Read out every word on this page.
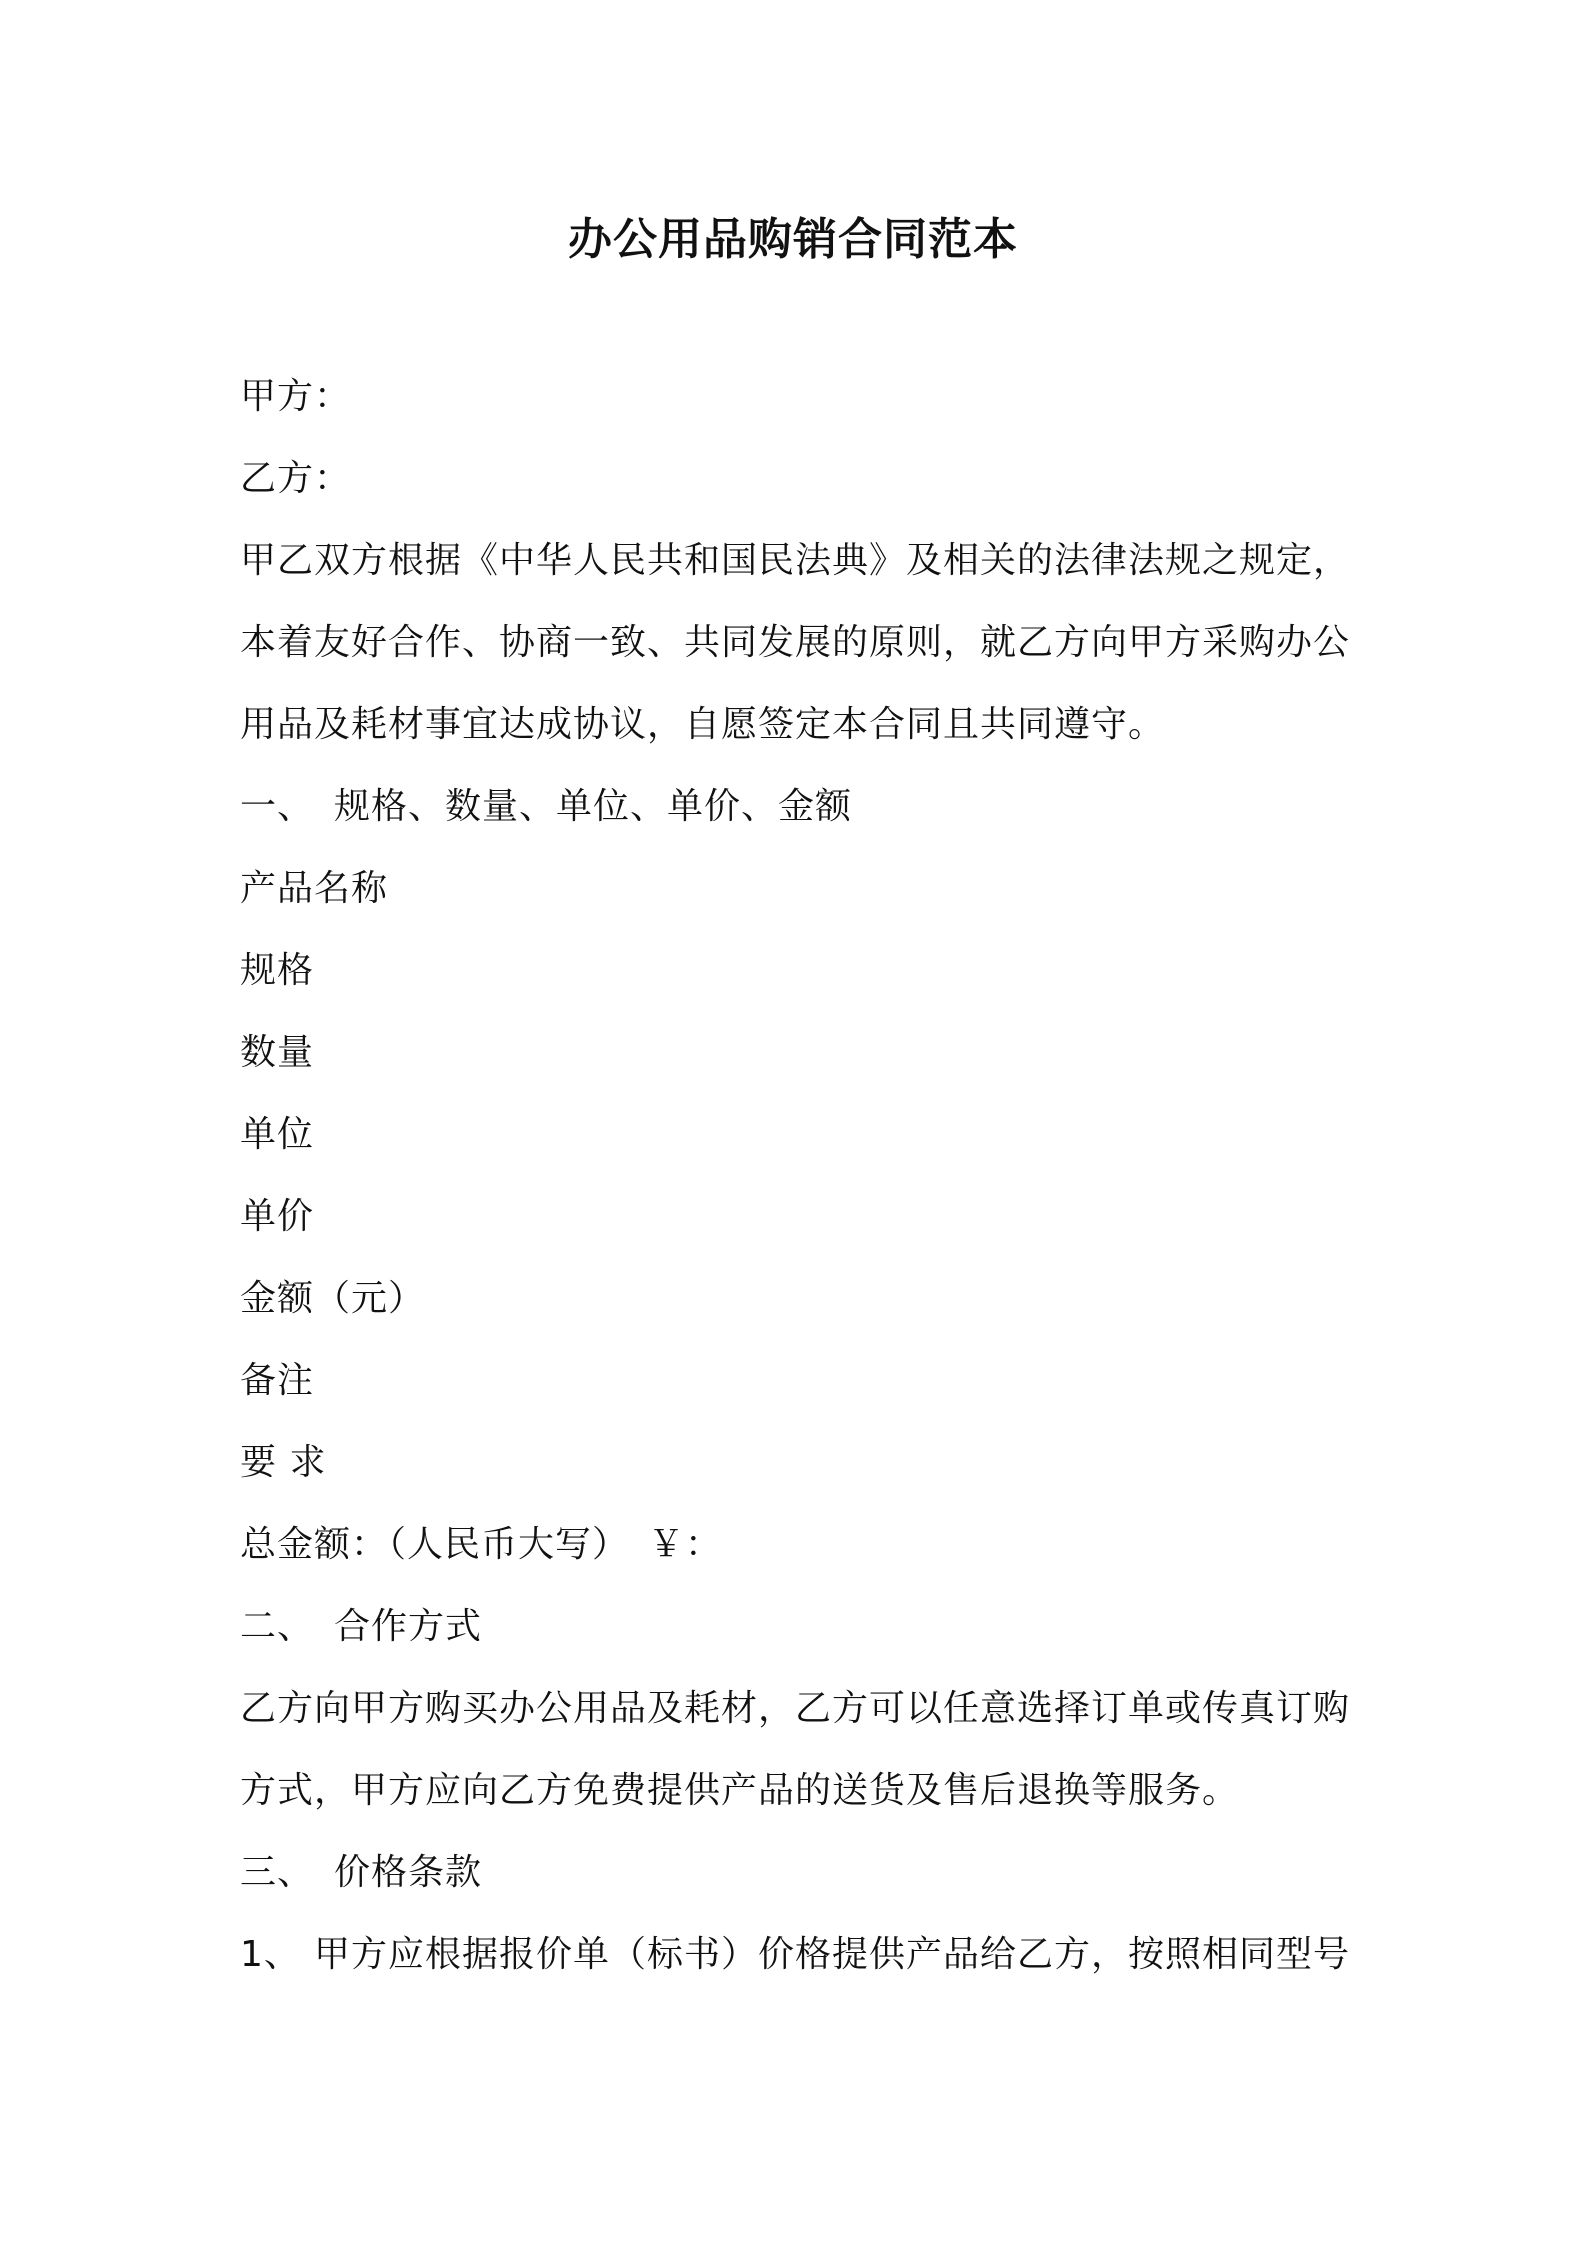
办公用品购销合同范本
甲方：
乙方：
甲乙双方根据《中华人民共和国民法典》及相关的法律法规之规定，
本着友好合作、协商一致、共同发展的原则，就乙方向甲方采购办公
用品及耗材事宜达成协议，自愿签定本合同且共同遵守。
一、 规格、数量、单位、单价、金额
产品名称
规格
数量
单位
单价
金额（元）
备注
要 求
总金额：（人民币大写）　￥：
二、 合作方式
乙方向甲方购买办公用品及耗材，乙方可以任意选择订单或传真订购
方式，甲方应向乙方免费提供产品的送货及售后退换等服务。
三、 价格条款
1、 甲方应根据报价单（标书）价格提供产品给乙方，按照相同型号
